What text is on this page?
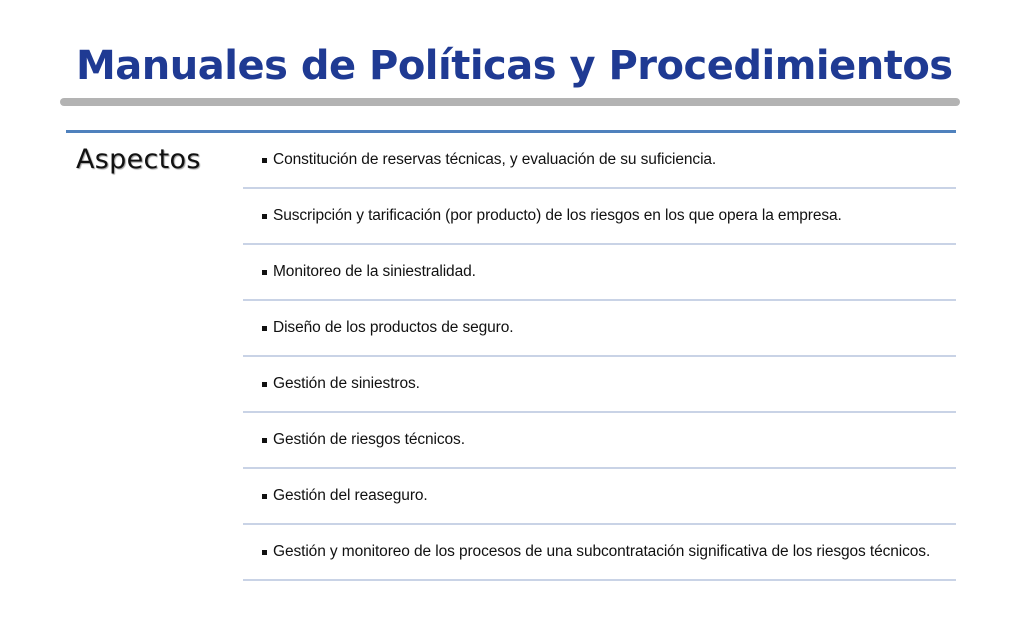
Manuales de Políticas y Procedimientos
Aspectos	Constitución de reservas técnicas, y evaluación de su suficiencia.
Suscripción y tarificación (por producto) de los riesgos en los que opera la empresa.
Monitoreo de la siniestralidad.
Diseño de los productos de seguro.
Gestión de siniestros.
Gestión de riesgos técnicos.
Gestión del reaseguro.
Gestión y monitoreo de los procesos de una subcontratación significativa de los riesgos técnicos.
